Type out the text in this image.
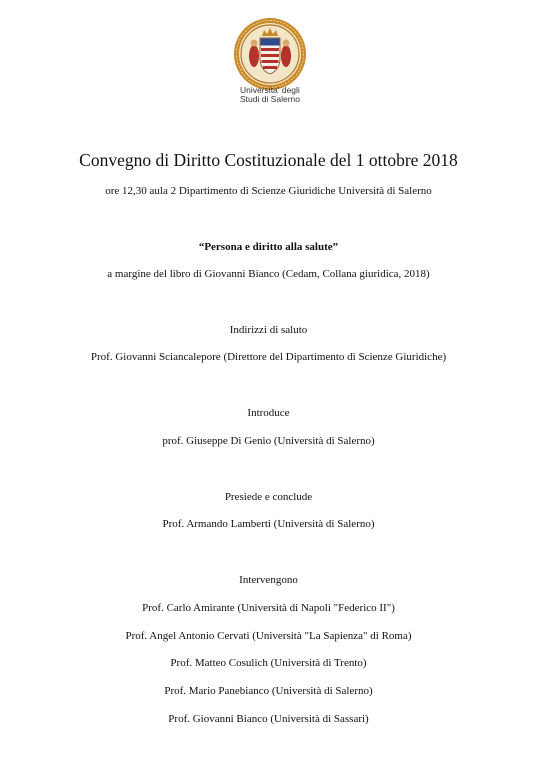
Universita' degli
Studi di Salerno
Convegno di Diritto Costituzionale del 1 ottobre 2018
ore 12,30 aula 2 Dipartimento di Scienze Giuridiche Università di Salerno
“Persona e diritto alla salute”
a margine del libro di Giovanni Bianco (Cedam, Collana giuridica, 2018)
Indirizzi di saluto
Prof. Giovanni Sciancalepore (Direttore del Dipartimento di Scienze Giuridiche)
Introduce
prof. Giuseppe Di Genio (Università di Salerno)
Presiede e conclude
Prof. Armando Lamberti (Università di Salerno)
Intervengono
Prof. Carlo Amirante (Università di Napoli "Federico II")
Prof. Angel Antonio Cervati (Università "La Sapienza" di Roma)
Prof. Matteo Cosulich (Università di Trento)
Prof. Mario Panebianco (Università di Salerno)
Prof. Giovanni Bianco (Università di Sassari)
